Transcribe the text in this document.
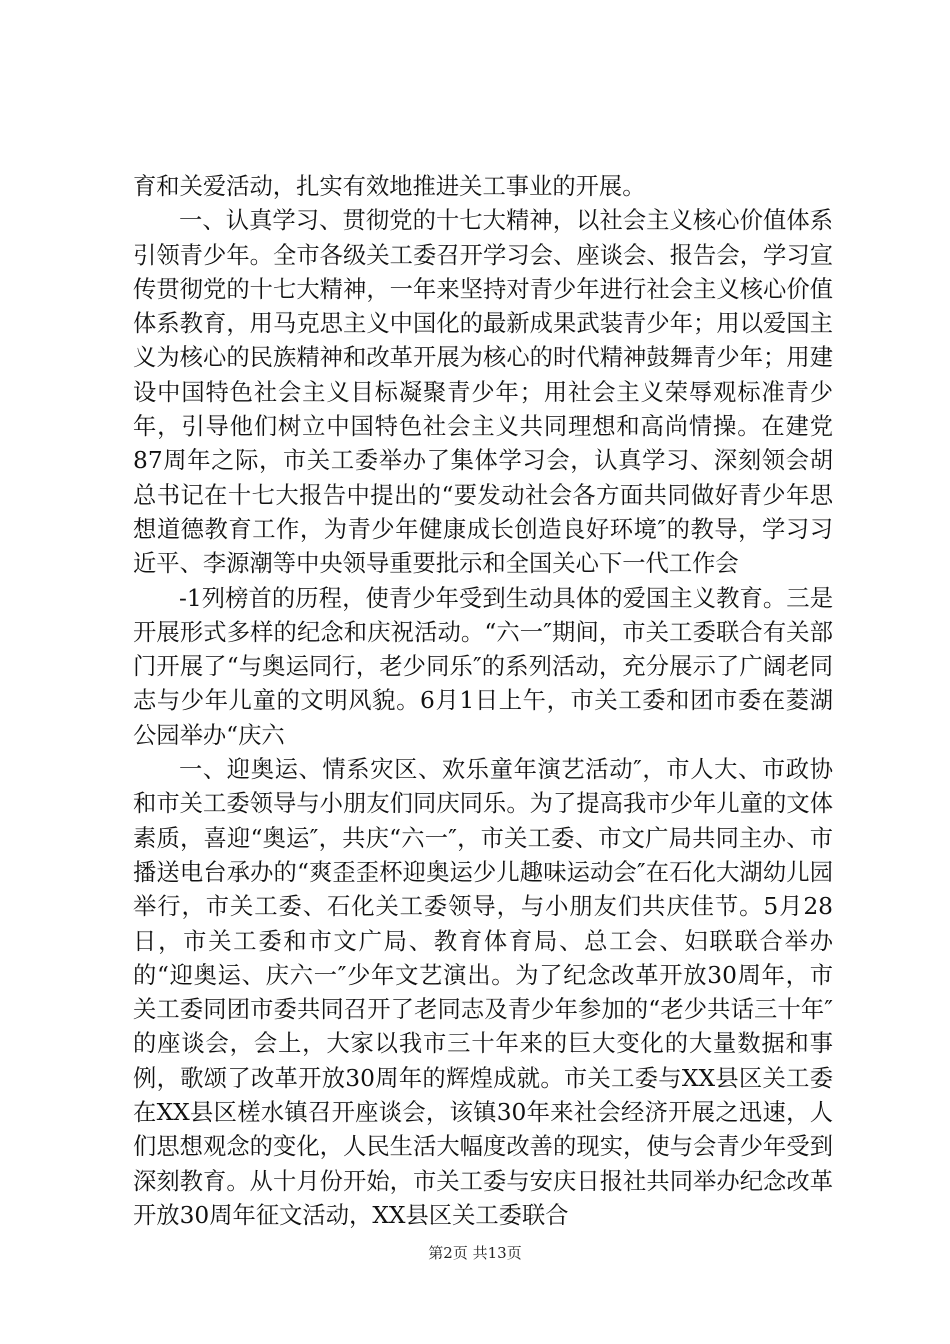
育和关爱活动，扎实有效地推进关工事业的开展。

一、认真学习、贯彻党的十七大精神，以社会主义核心价值体系引领青少年。全市各级关工委召开学习会、座谈会、报告会，学习宣传贯彻党的十七大精神，一年来坚持对青少年进行社会主义核心价值体系教育，用马克思主义中国化的最新成果武装青少年；用以爱国主义为核心的民族精神和改革开展为核心的时代精神鼓舞青少年；用建设中国特色社会主义目标凝聚青少年；用社会主义荣辱观标准青少年，引导他们树立中国特色社会主义共同理想和高尚情操。在建党87周年之际，市关工委举办了集体学习会，认真学习、深刻领会胡总书记在十七大报告中提出的“要发动社会各方面共同做好青少年思想道德教育工作，为青少年健康成长创造良好环境″的教导，学习习近平、李源潮等中央领导重要批示和全国关心下一代工作会

-1列榜首的历程，使青少年受到生动具体的爱国主义教育。三是开展形式多样的纪念和庆祝活动。“六一″期间，市关工委联合有关部门开展了“与奥运同行，老少同乐″的系列活动，充分展示了广阔老同志与少年儿童的文明风貌。6月1日上午，市关工委和团市委在菱湖公园举办“庆六

一、迎奥运、情系灾区、欢乐童年演艺活动″，市人大、市政协和市关工委领导与小朋友们同庆同乐。为了提高我市少年儿童的文体素质，喜迎“奥运″，共庆“六一″，市关工委、市文广局共同主办、市播送电台承办的“爽歪歪杯迎奥运少儿趣味运动会″在石化大湖幼儿园举行，市关工委、石化关工委领导，与小朋友们共庆佳节。5月28日，市关工委和市文广局、教育体育局、总工会、妇联联合举办的“迎奥运、庆六一″少年文艺演出。为了纪念改革开放30周年，市关工委同团市委共同召开了老同志及青少年参加的“老少共话三十年″的座谈会，会上，大家以我市三十年来的巨大变化的大量数据和事例，歌颂了改革开放30周年的辉煌成就。市关工委与XX县区关工委在XX县区槎水镇召开座谈会，该镇30年来社会经济开展之迅速，人们思想观念的变化，人民生活大幅度改善的现实，使与会青少年受到深刻教育。从十月份开始，市关工委与安庆日报社共同举办纪念改革开放30周年征文活动，XX县区关工委联合

第2页 共13页
